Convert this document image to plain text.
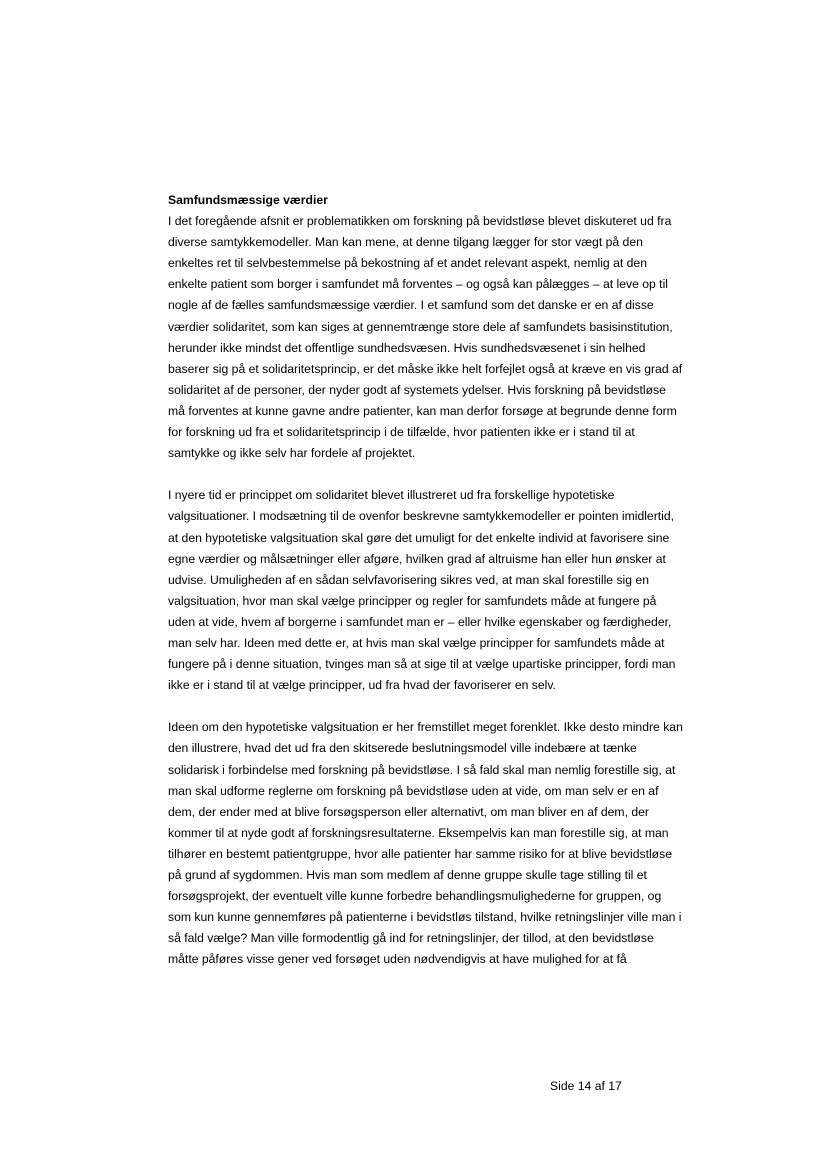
Samfundsmæssige værdier

I det foregående afsnit er problematikken om forskning på bevidstløse blevet diskuteret ud fra
diverse samtykkemodeller. Man kan mene, at denne tilgang lægger for stor vægt på den
enkeltes ret til selvbestemmelse på bekostning af et andet relevant aspekt, nemlig at den
enkelte patient som borger i samfundet må forventes – og også kan pålægges – at leve op til
nogle af de fælles samfundsmæssige værdier. I et samfund som det danske er en af disse
værdier solidaritet, som kan siges at gennemtrænge store dele af samfundets basisinstitution,
herunder ikke mindst det offentlige sundhedsvæsen. Hvis sundhedsvæsenet i sin helhed
baserer sig på et solidaritetsprincip, er det måske ikke helt forfejlet også at kræve en vis grad af
solidaritet af de personer, der nyder godt af systemets ydelser. Hvis forskning på bevidstløse
må forventes at kunne gavne andre patienter, kan man derfor forsøge at begrunde denne form
for forskning ud fra et solidaritetsprincip i de tilfælde, hvor patienten ikke er i stand til at
samtykke og ikke selv har fordele af projektet.

I nyere tid er princippet om solidaritet blevet illustreret ud fra forskellige hypotetiske
valgsituationer. I modsætning til de ovenfor beskrevne samtykkemodeller er pointen imidlertid,
at den hypotetiske valgsituation skal gøre det umuligt for det enkelte individ at favorisere sine
egne værdier og målsætninger eller afgøre, hvilken grad af altruisme han eller hun ønsker at
udvise. Umuligheden af en sådan selvfavorisering sikres ved, at man skal forestille sig en
valgsituation, hvor man skal vælge principper og regler for samfundets måde at fungere på
uden at vide, hvem af borgerne i samfundet man er – eller hvilke egenskaber og færdigheder,
man selv har. Ideen med dette er, at hvis man skal vælge principper for samfundets måde at
fungere på i denne situation, tvinges man så at sige til at vælge upartiske principper, fordi man
ikke er i stand til at vælge principper, ud fra hvad der favoriserer en selv.

Ideen om den hypotetiske valgsituation er her fremstillet meget forenklet. Ikke desto mindre kan
den illustrere, hvad det ud fra den skitserede beslutningsmodel ville indebære at tænke
solidarisk i forbindelse med forskning på bevidstløse. I så fald skal man nemlig forestille sig, at
man skal udforme reglerne om forskning på bevidstløse uden at vide, om man selv er en af
dem, der ender med at blive forsøgsperson eller alternativt, om man bliver en af dem, der
kommer til at nyde godt af forskningsresultaterne. Eksempelvis kan man forestille sig, at man
tilhører en bestemt patientgruppe, hvor alle patienter har samme risiko for at blive bevidstløse
på grund af sygdommen. Hvis man som medlem af denne gruppe skulle tage stilling til et
forsøgsprojekt, der eventuelt ville kunne forbedre behandlingsmulighederne for gruppen, og
som kun kunne gennemføres på patienterne i bevidstløs tilstand, hvilke retningslinjer ville man i
så fald vælge? Man ville formodentlig gå ind for retningslinjer, der tillod, at den bevidstløse
måtte påføres visse gener ved forsøget uden nødvendigvis at have mulighed for at få

Side 14 af 17
